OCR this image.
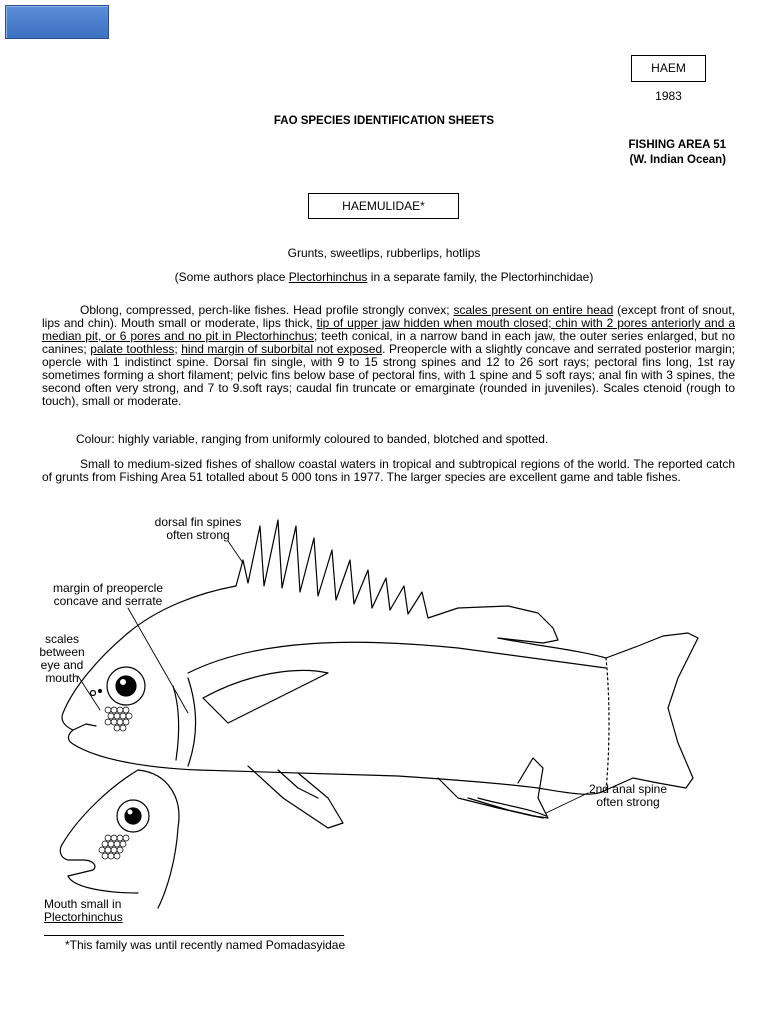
HAEM
1983
FAO SPECIES IDENTIFICATION SHEETS
FISHING AREA 51
(W. Indian Ocean)
HAEMULIDAE*
Grunts, sweetlips, rubberlips, hotlips
(Some authors place Plectorhinchus in a separate family, the Plectorhinchidae)
Oblong, compressed, perch-like fishes. Head profile strongly convex; scales present on entire head (except front of snout, lips and chin). Mouth small or moderate, lips thick, tip of upper jaw hidden when mouth closed; chin with 2 pores anteriorly and a median pit, or 6 pores and no pit in Plectorhinchus; teeth conical, in a narrow band in each jaw, the outer series enlarged, but no canines; palate toothless; hind margin of suborbital not exposed. Preopercle with a slightly concave and serrated posterior margin; opercle with 1 indistinct spine. Dorsal fin single, with 9 to 15 strong spines and 12 to 26 sort rays; pectoral fins long, 1st ray sometimes forming a short filament; pelvic fins below base of pectoral fins, with 1 spine and 5 soft rays; anal fin with 3 spines, the second often very strong, and 7 to 9.soft rays; caudal fin truncate or emarginate (rounded in juveniles). Scales ctenoid (rough to touch), small or moderate.
Colour: highly variable, ranging from uniformly coloured to banded, blotched and spotted.
Small to medium-sized fishes of shallow coastal waters in tropical and subtropical regions of the world. The reported catch of grunts from Fishing Area 51 totalled about 5 000 tons in 1977. The larger species are excellent game and table fishes.
dorsal fin spines
often strong
margin of preopercle
concave and serrate
scales
between
eye and
mouth
2nd anal spine
often strong
Mouth small in
Plectorhinchus
*This family was until recently named Pomadasyidae
